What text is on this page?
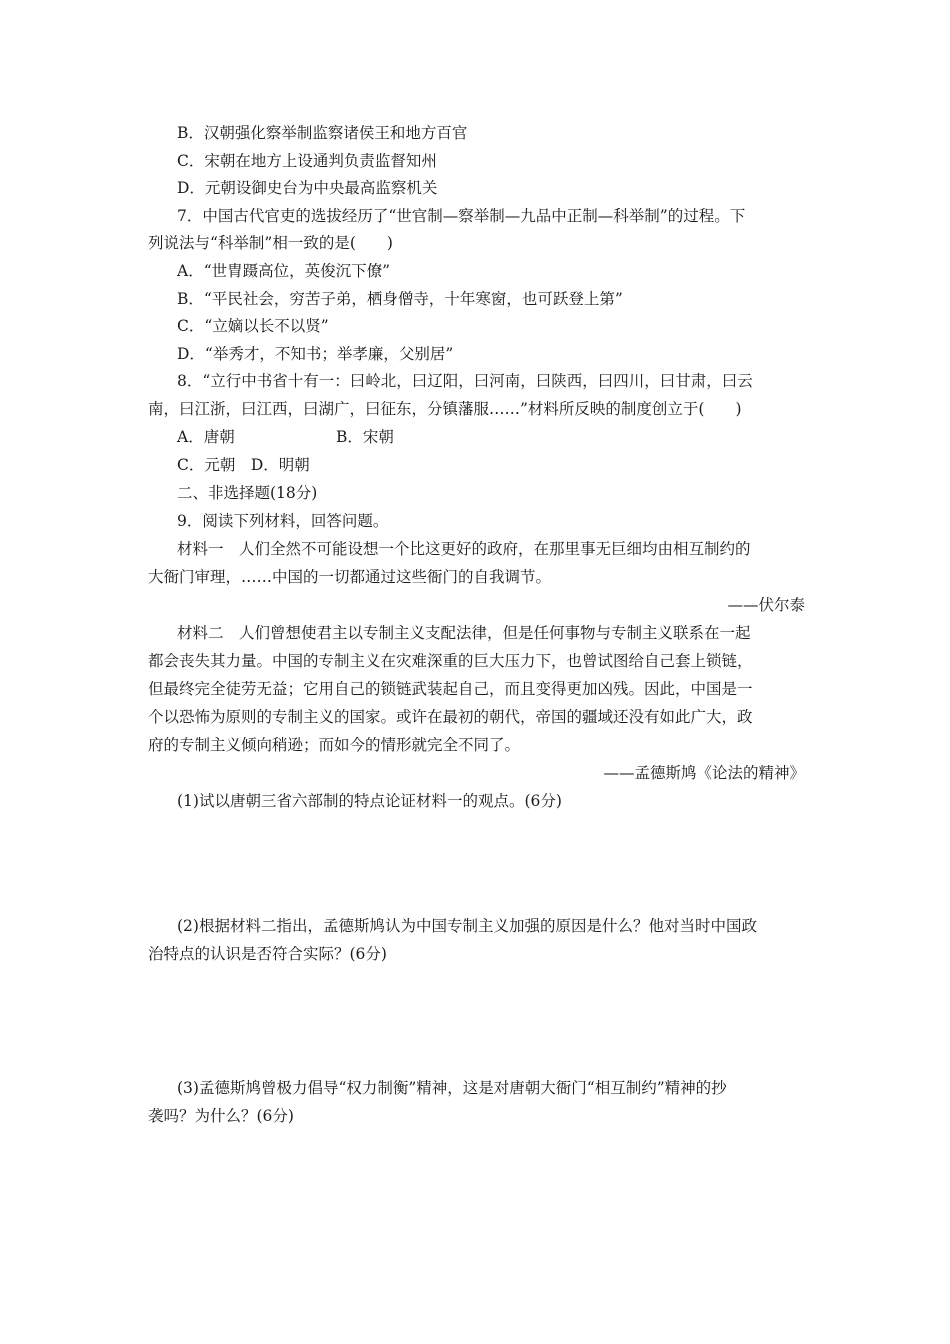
B．汉朝强化察举制监察诸侯王和地方百官
C．宋朝在地方上设通判负责监督知州
D．元朝设御史台为中央最高监察机关
7．中国古代官吏的选拔经历了“世官制—察举制—九品中正制—科举制”的过程。下
列说法与“科举制”相一致的是(　　)
A．“世胄蹑高位，英俊沉下僚”
B．“平民社会，穷苦子弟，栖身僧寺，十年寒窗，也可跃登上第”
C．“立嫡以长不以贤”
D．“举秀才，不知书；举孝廉，父别居”
8．“立行中书省十有一：曰岭北，曰辽阳，曰河南，曰陕西，曰四川，曰甘肃，曰云
南，曰江浙，曰江西，曰湖广，曰征东，分镇藩服……”材料所反映的制度创立于(　　)
A．唐朝	B．宋朝
C．元朝　D．明朝
二、非选择题(18分)
9．阅读下列材料，回答问题。
材料一　人们全然不可能设想一个比这更好的政府，在那里事无巨细均由相互制约的
大衙门审理，……中国的一切都通过这些衙门的自我调节。
——伏尔泰
材料二　人们曾想使君主以专制主义支配法律，但是任何事物与专制主义联系在一起
都会丧失其力量。中国的专制主义在灾难深重的巨大压力下，也曾试图给自己套上锁链，
但最终完全徒劳无益；它用自己的锁链武装起自己，而且变得更加凶残。因此，中国是一
个以恐怖为原则的专制主义的国家。或许在最初的朝代，帝国的疆域还没有如此广大，政
府的专制主义倾向稍逊；而如今的情形就完全不同了。
——孟德斯鸠《论法的精神》
(1)试以唐朝三省六部制的特点论证材料一的观点。(6分)
(2)根据材料二指出，孟德斯鸠认为中国专制主义加强的原因是什么？他对当时中国政
治特点的认识是否符合实际？(6分)
(3)孟德斯鸠曾极力倡导“权力制衡”精神，这是对唐朝大衙门“相互制约”精神的抄
袭吗？为什么？(6分)
